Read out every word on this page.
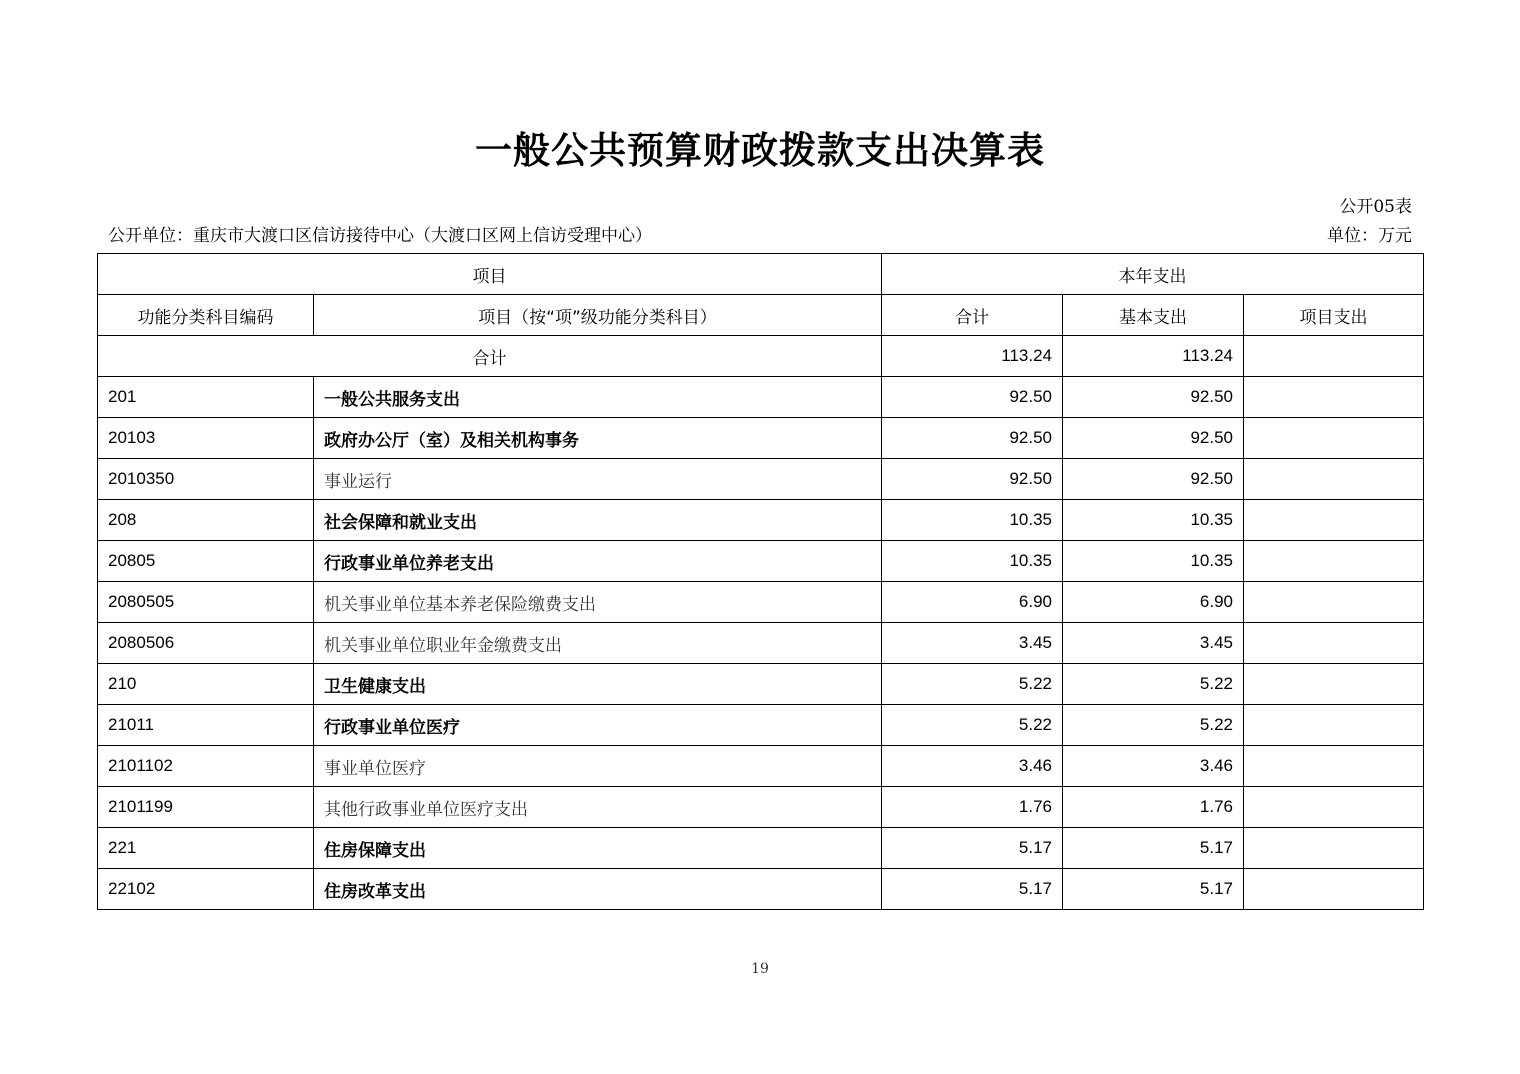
一般公共预算财政拨款支出决算表
公开05表
公开单位：重庆市大渡口区信访接待中心（大渡口区网上信访受理中心）	单位：万元
项目		本年支出		
功能分类科目编码	项目（按“项”级功能分类科目）	合计	基本支出	项目支出
合计		113.24	113.24	
201	一般公共服务支出	92.50	92.50	
20103	政府办公厅（室）及相关机构事务	92.50	92.50	
2010350	事业运行	92.50	92.50	
208	社会保障和就业支出	10.35	10.35	
20805	行政事业单位养老支出	10.35	10.35	
2080505	机关事业单位基本养老保险缴费支出	6.90	6.90	
2080506	机关事业单位职业年金缴费支出	3.45	3.45	
210	卫生健康支出	5.22	5.22	
21011	行政事业单位医疗	5.22	5.22	
2101102	事业单位医疗	3.46	3.46	
2101199	其他行政事业单位医疗支出	1.76	1.76	
221	住房保障支出	5.17	5.17	
22102	住房改革支出	5.17	5.17	
19
